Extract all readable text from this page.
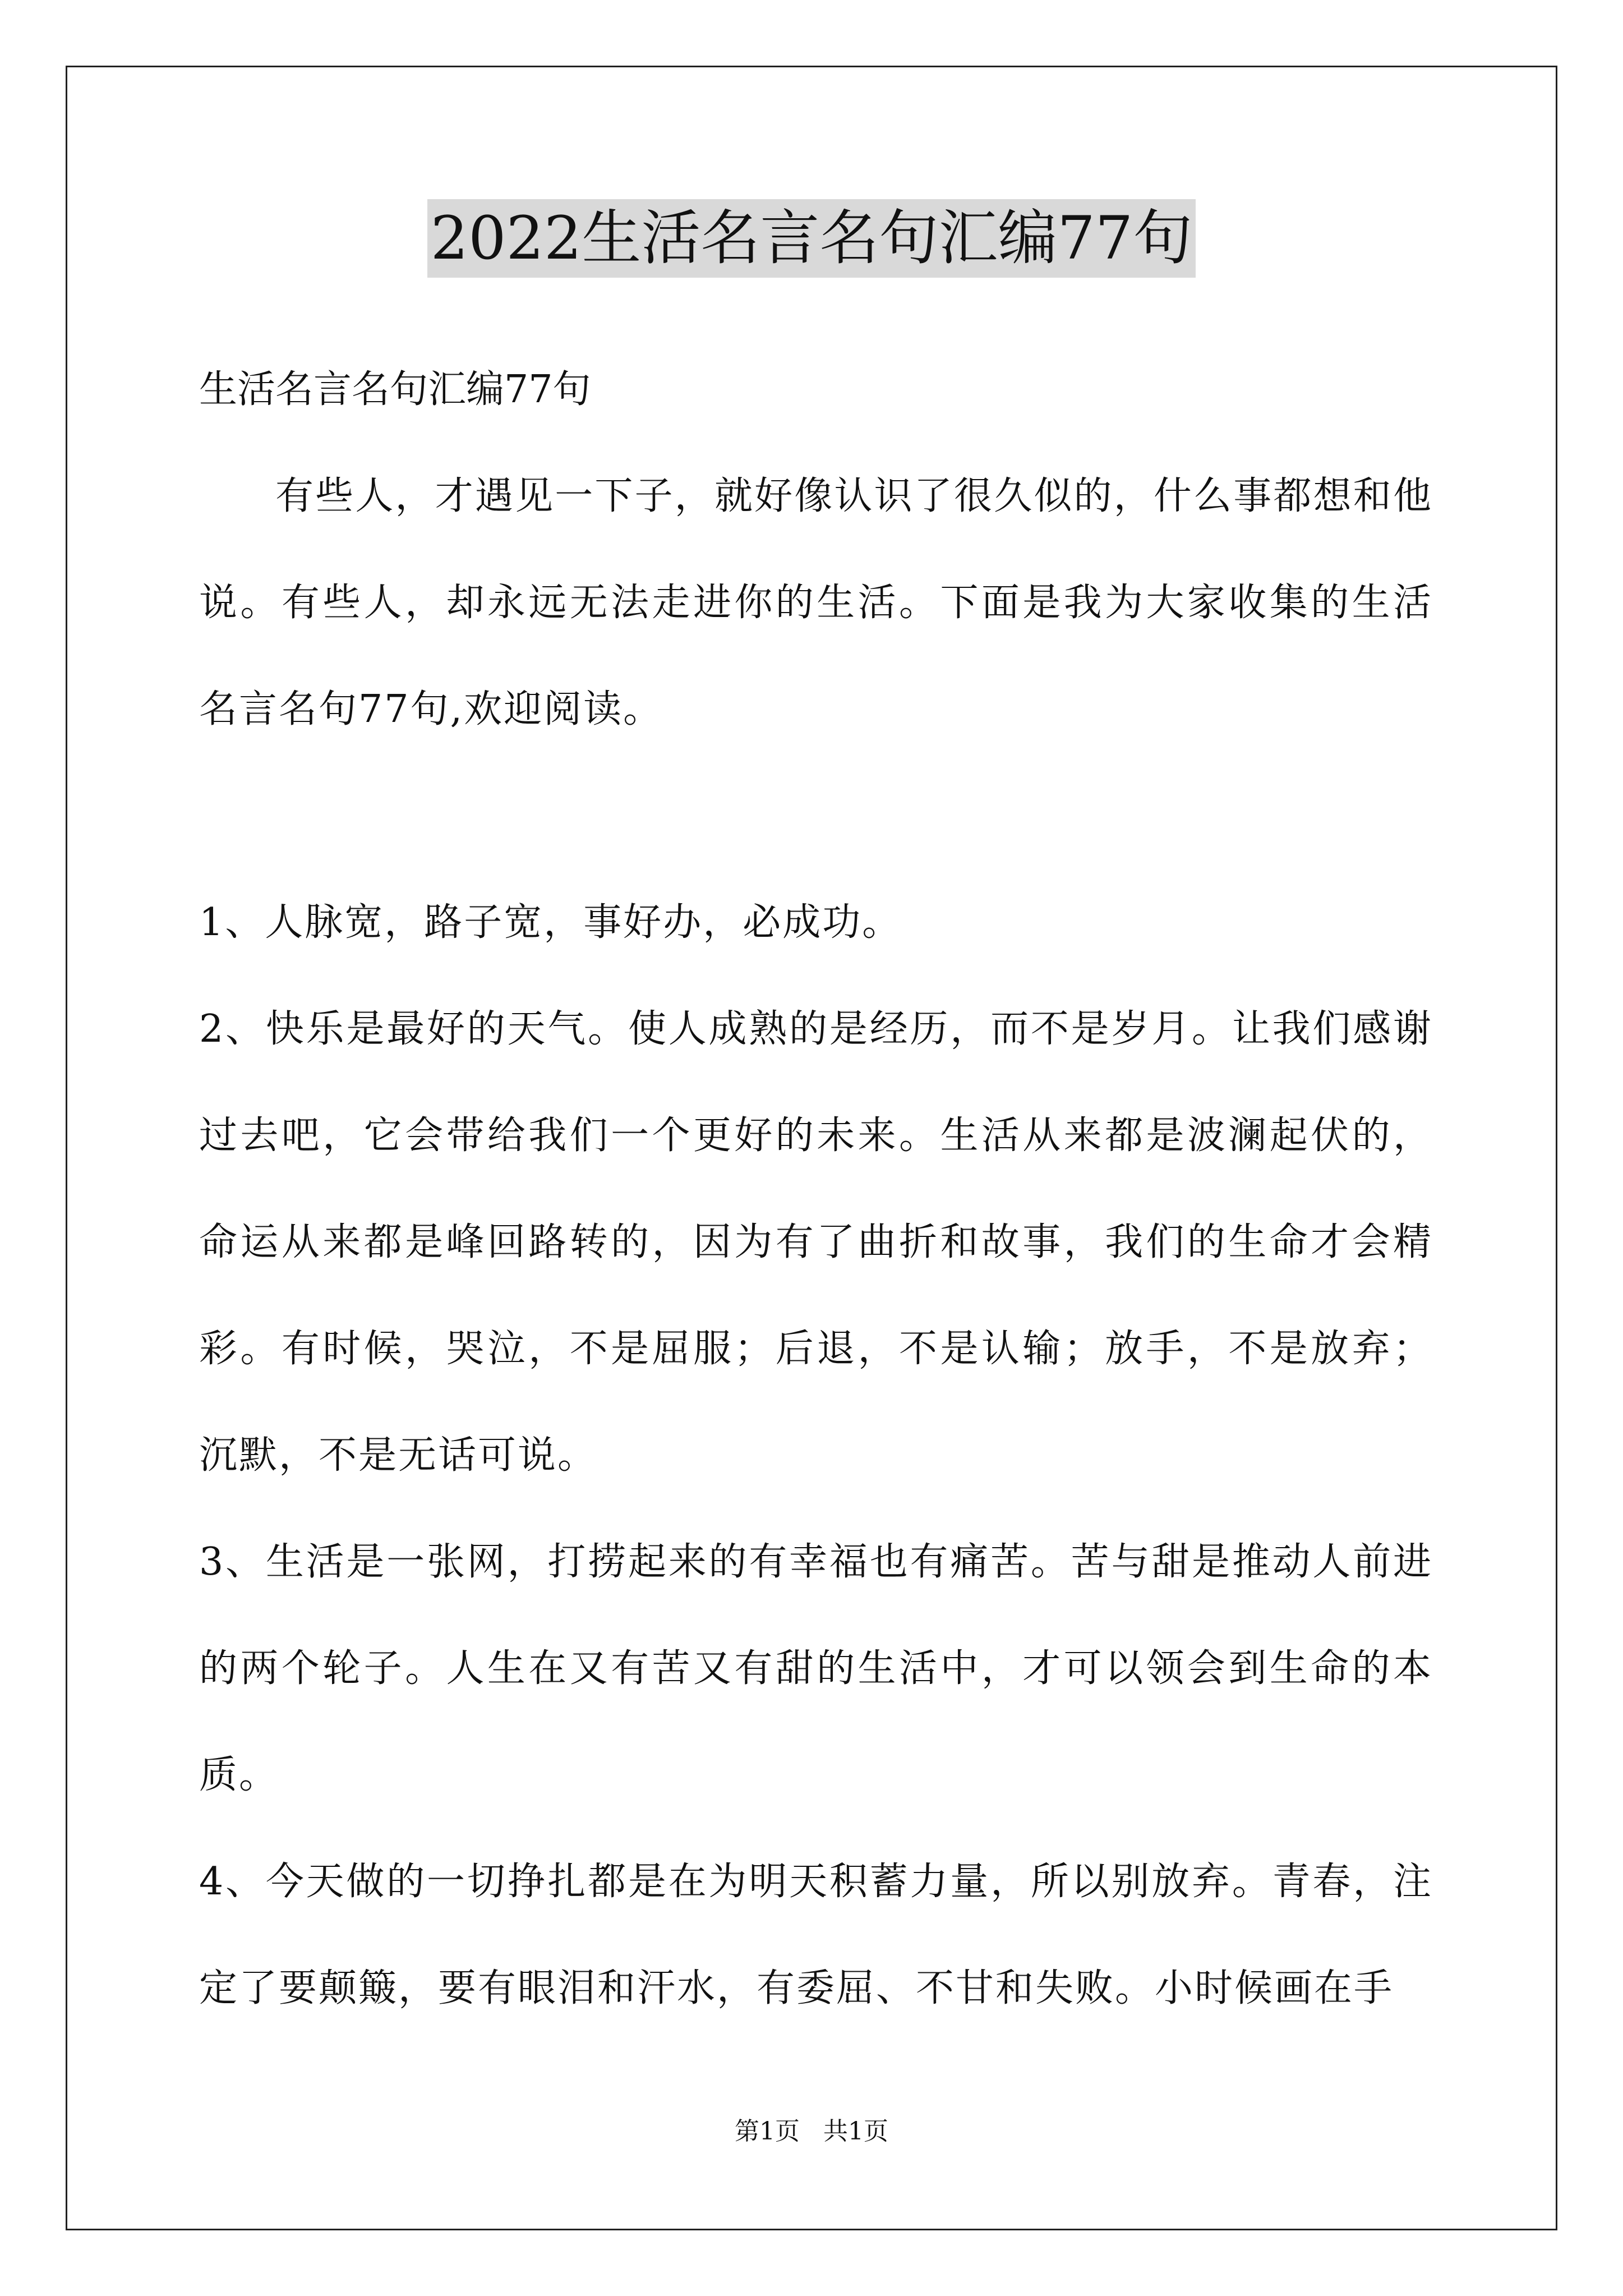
2022生活名言名句汇编77句

生活名言名句汇编77句

有些人，才遇见一下子，就好像认识了很久似的，什么事都想和他说。有些人，却永远无法走进你的生活。下面是我为大家收集的生活名言名句77句,欢迎阅读。

1、人脉宽，路子宽，事好办，必成功。

2、快乐是最好的天气。使人成熟的是经历，而不是岁月。让我们感谢过去吧，它会带给我们一个更好的未来。生活从来都是波澜起伏的，命运从来都是峰回路转的，因为有了曲折和故事，我们的生命才会精彩。有时候，哭泣，不是屈服；后退，不是认输；放手，不是放弃；沉默，不是无话可说。

3、生活是一张网，打捞起来的有幸福也有痛苦。苦与甜是推动人前进的两个轮子。人生在又有苦又有甜的生活中，才可以领会到生命的本质。

4、今天做的一切挣扎都是在为明天积蓄力量，所以别放弃。青春，注定了要颠簸，要有眼泪和汗水，有委屈、不甘和失败。小时候画在手

第1页   共1页
